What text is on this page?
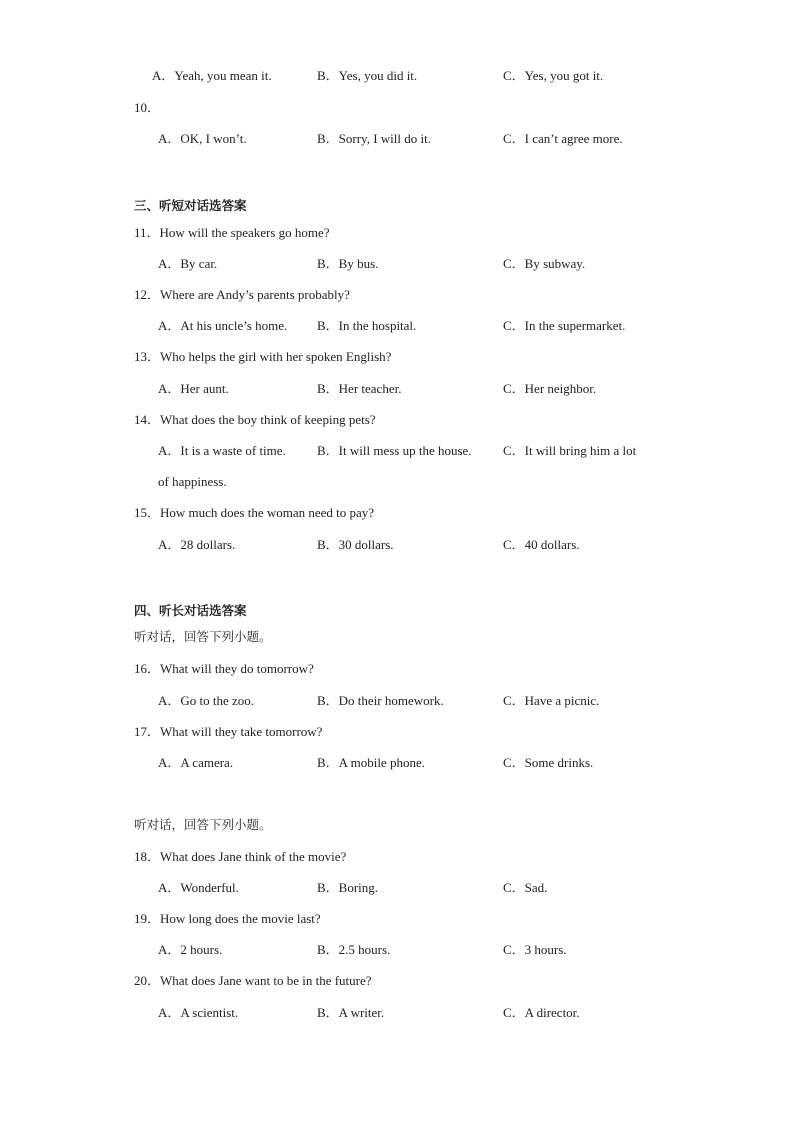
A．Yeah, you mean it.	B．Yes, you did it.	C．Yes, you got it.
10．
A．OK, I won’t.	B．Sorry, I will do it.	C．I can’t agree more.
三、听短对话选答案
11．How will the speakers go home?
A．By car.	B．By bus.	C．By subway.
12．Where are Andy’s parents probably?
A．At his uncle’s home. B．In the hospital.	C．In the supermarket.
13．Who helps the girl with her spoken English?
A．Her aunt.	B．Her teacher.	C．Her neighbor.
14．What does the boy think of keeping pets?
A．It is a waste of time. B．It will mess up the house. C．It will bring him a lot
of happiness.
15．How much does the woman need to pay?
A．28 dollars.	B．30 dollars.	C．40 dollars.
四、听长对话选答案
听对话，回答下列小题。
16．What will they do tomorrow?
A．Go to the zoo.	B．Do their homework.	C．Have a picnic.
17．What will they take tomorrow?
A．A camera.	B．A mobile phone.	C．Some drinks.
听对话，回答下列小题。
18．What does Jane think of the movie?
A．Wonderful.	B．Boring.	C．Sad.
19．How long does the movie last?
A．2 hours.	B．2.5 hours.	C．3 hours.
20．What does Jane want to be in the future?
A．A scientist.	B．A writer.	C．A director.
